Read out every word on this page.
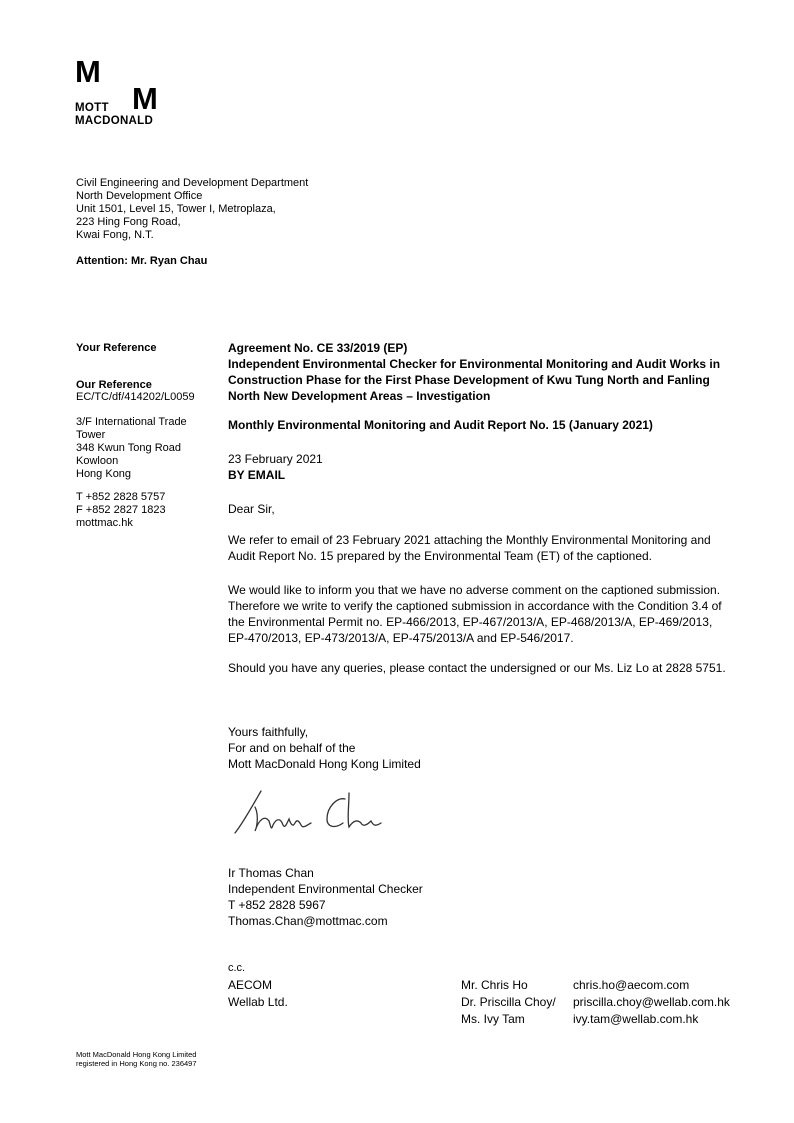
M
M
MOTT
MACDONALD
Civil Engineering and Development Department
North Development Office
Unit 1501, Level 15, Tower I, Metroplaza,
223 Hing Fong Road,
Kwai Fong, N.T.
Attention: Mr. Ryan Chau
Your Reference
Our Reference
EC/TC/df/414202/L0059
3/F International Trade
Tower
348 Kwun Tong Road
Kowloon
Hong Kong
T +852 2828 5757
F +852 2827 1823
mottmac.hk
Agreement No. CE 33/2019 (EP)
Independent Environmental Checker for Environmental Monitoring and Audit Works in
Construction Phase for the First Phase Development of Kwu Tung North and Fanling
North New Development Areas – Investigation
Monthly Environmental Monitoring and Audit Report No. 15 (January 2021)
23 February 2021
BY EMAIL
Dear Sir,
We refer to email of 23 February 2021 attaching the Monthly Environmental Monitoring and
Audit Report No. 15 prepared by the Environmental Team (ET) of the captioned.
We would like to inform you that we have no adverse comment on the captioned submission.
Therefore we write to verify the captioned submission in accordance with the Condition 3.4 of
the Environmental Permit no. EP-466/2013, EP-467/2013/A, EP-468/2013/A, EP-469/2013,
EP-470/2013, EP-473/2013/A, EP-475/2013/A and EP-546/2017.
Should you have any queries, please contact the undersigned or our Ms. Liz Lo at 2828 5751.
Yours faithfully,
For and on behalf of the
Mott MacDonald Hong Kong Limited
Ir Thomas Chan
Independent Environmental Checker
T +852 2828 5967
Thomas.Chan@mottmac.com
c.c.
AECOM
Wellab Ltd.
Mr. Chris Ho
Dr. Priscilla Choy/
Ms. Ivy Tam
chris.ho@aecom.com
priscilla.choy@wellab.com.hk
ivy.tam@wellab.com.hk
Mott MacDonald Hong Kong Limited
registered in Hong Kong no. 236497
